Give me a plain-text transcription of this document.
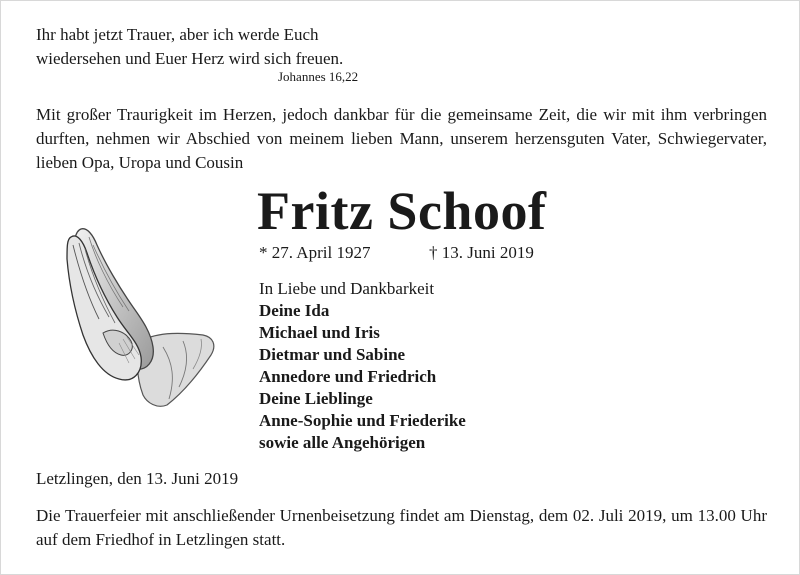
Ihr habt jetzt Trauer, aber ich werde Euch
wiedersehen und Euer Herz wird sich freuen.
Johannes 16,22
Mit großer Traurigkeit im Herzen, jedoch dankbar für die gemeinsame Zeit, die wir mit ihm verbringen durften, nehmen wir Abschied von meinem lieben Mann, unserem herzensguten Vater, Schwiegervater, lieben Opa, Uropa und Cousin
Fritz Schoof
* 27. April 1927	† 13. Juni 2019
In Liebe und Dankbarkeit
Deine Ida
Michael und Iris
Dietmar und Sabine
Annedore und Friedrich
Deine Lieblinge
Anne-Sophie und Friederike
sowie alle Angehörigen
Letzlingen, den 13. Juni 2019
Die Trauerfeier mit anschließender Urnenbeisetzung findet am Dienstag, dem 02. Juli 2019, um 13.00 Uhr auf dem Friedhof in Letzlingen statt.
